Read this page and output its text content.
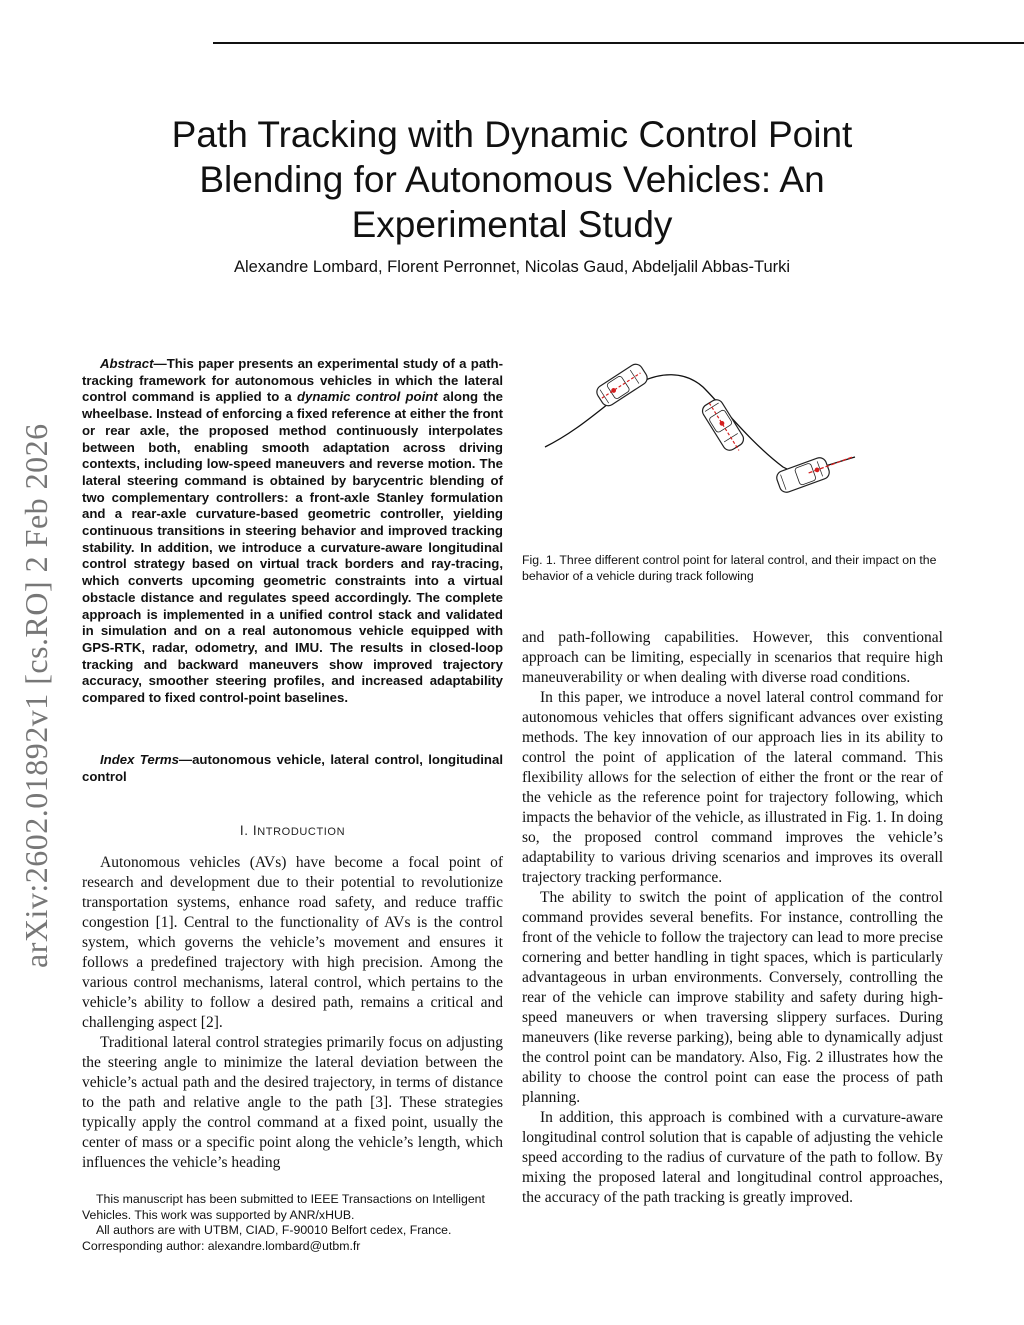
arXiv:2602.01892v1 [cs.RO] 2 Feb 2026
Path Tracking with Dynamic Control Point Blending for Autonomous Vehicles: An Experimental Study
Alexandre Lombard, Florent Perronnet, Nicolas Gaud, Abdeljalil Abbas-Turki

Abstract—This paper presents an experimental study of a path-tracking framework for autonomous vehicles in which the lateral control command is applied to a dynamic control point along the wheelbase. Instead of enforcing a fixed reference at either the front or rear axle, the proposed method continuously interpolates between both, enabling smooth adaptation across driving contexts, including low-speed maneuvers and reverse motion. The lateral steering command is obtained by barycentric blending of two complementary controllers: a front-axle Stanley formulation and a rear-axle curvature-based geometric controller, yielding continuous transitions in steering behavior and improved tracking stability. In addition, we introduce a curvature-aware longitudinal control strategy based on virtual track borders and ray-tracing, which converts upcoming geometric constraints into a virtual obstacle distance and regulates speed accordingly. The complete approach is implemented in a unified control stack and validated in simulation and on a real autonomous vehicle equipped with GPS-RTK, radar, odometry, and IMU. The results in closed-loop tracking and backward maneuvers show improved trajectory accuracy, smoother steering profiles, and increased adaptability compared to fixed control-point baselines.

Index Terms—autonomous vehicle, lateral control, longitudinal control

I. INTRODUCTION

Autonomous vehicles (AVs) have become a focal point of research and development due to their potential to revolutionize transportation systems, enhance road safety, and reduce traffic congestion [1]. Central to the functionality of AVs is the control system, which governs the vehicle’s movement and ensures it follows a predefined trajectory with high precision. Among the various control mechanisms, lateral control, which pertains to the vehicle’s ability to follow a desired path, remains a critical and challenging aspect [2].

Traditional lateral control strategies primarily focus on adjusting the steering angle to minimize the lateral deviation between the vehicle’s actual path and the desired trajectory, in terms of distance to the path and relative angle to the path [3]. These strategies typically apply the control command at a fixed point, usually the center of mass or a specific point along the vehicle’s length, which influences the vehicle’s heading

This manuscript has been submitted to IEEE Transactions on Intelligent Vehicles. This work was supported by ANR/xHUB.

All authors are with UTBM, CIAD, F-90010 Belfort cedex, France. Corresponding author: alexandre.lombard@utbm.fr

Fig. 1. Three different control point for lateral control, and their impact on the behavior of a vehicle during track following

and path-following capabilities. However, this conventional approach can be limiting, especially in scenarios that require high maneuverability or when dealing with diverse road conditions.

In this paper, we introduce a novel lateral control command for autonomous vehicles that offers significant advances over existing methods. The key innovation of our approach lies in its ability to control the point of application of the lateral command. This flexibility allows for the selection of either the front or the rear of the vehicle as the reference point for trajectory following, which impacts the behavior of the vehicle, as illustrated in Fig. 1. In doing so, the proposed control command improves the vehicle’s adaptability to various driving scenarios and improves its overall trajectory tracking performance.

The ability to switch the point of application of the control command provides several benefits. For instance, controlling the front of the vehicle to follow the trajectory can lead to more precise cornering and better handling in tight spaces, which is particularly advantageous in urban environments. Conversely, controlling the rear of the vehicle can improve stability and safety during high-speed maneuvers or when traversing slippery surfaces. During maneuvers (like reverse parking), being able to dynamically adjust the control point can be mandatory. Also, Fig. 2 illustrates how the ability to choose the control point can ease the process of path planning.

In addition, this approach is combined with a curvature-aware longitudinal control solution that is capable of adjusting the vehicle speed according to the radius of curvature of the path to follow. By mixing the proposed lateral and longitudinal control approaches, the accuracy of the path tracking is greatly improved.
